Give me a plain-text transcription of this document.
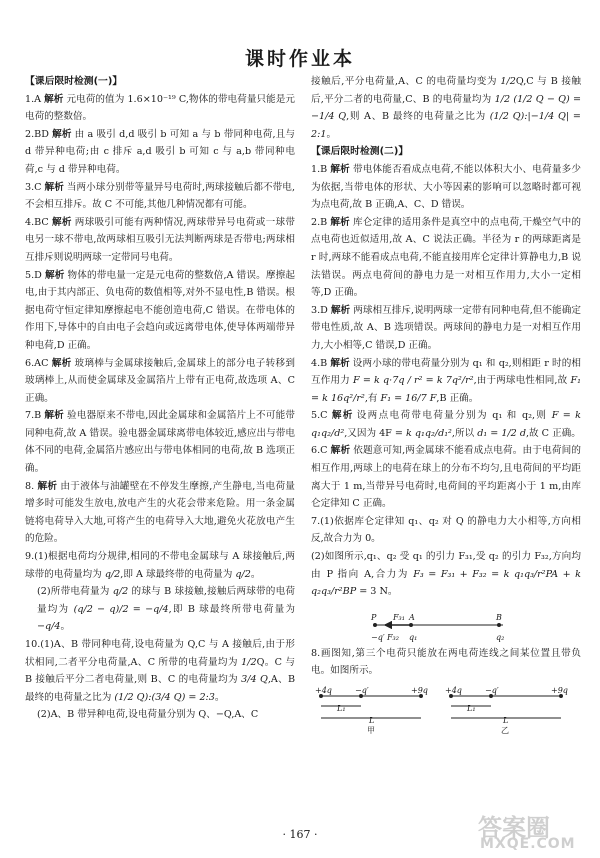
课时作业本
【课后限时检测(一)】

1.A 解析 元电荷的值为 1.6×10⁻¹⁹ C,物体的带电荷量只能是元电荷的整数倍。

2.BD 解析 由 a 吸引 d,d 吸引 b 可知 a 与 b 带同种电荷,且与 d 带异种电荷;由 c 排斥 a,d 吸引 b 可知 c 与 a,b 带同种电荷,c 与 d 带异种电荷。

3.C 解析 当两小球分别带等量异号电荷时,两球接触后都不带电,不会相互排斥。故 C 不可能,其他几种情况都有可能。

4.BC 解析 两球吸引可能有两种情况,两球带异号电荷或一球带电另一球不带电,故两球相互吸引无法判断两球是否带电;两球相互排斥则说明两球一定带同号电荷。

5.D 解析 物体的带电量一定是元电荷的整数倍,A 错误。摩擦起电,由于其内部正、负电荷的数值相等,对外不显电性,B 错误。根据电荷守恒定律知摩擦起电不能创造电荷,C 错误。在带电体的作用下,导体中的自由电子会趋向或远离带电体,使导体两端带异种电荷,D 正确。

6.AC 解析 玻璃棒与金属球接触后,金属球上的部分电子转移到玻璃棒上,从而使金属球及金属箔片上带有正电荷,故选项 A、C 正确。

7.B 解析 验电器原来不带电,因此金属球和金属箔片上不可能带同种电荷,故 A 错误。验电器金属球离带电体较近,感应出与带电体不同的电荷,金属箔片感应出与带电体相同的电荷,故 B 选项正确。

8. 解析 由于液体与油罐壁在不停发生摩擦,产生静电,当电荷量增多时可能发生放电,放电产生的火花会带来危险。用一条金属链将电荷导入大地,可将产生的电荷导入大地,避免火花放电产生的危险。

9.(1)根据电荷均分规律,相同的不带电金属球与 A 球接触后,两球带的电荷量均为 q/2,即 A 球最终带的电荷量为 q/2。

(2)所带电荷量为 q/2 的球与 B 球接触,接触后两球带的电荷量均为 (q/2 − q)/2 = −q/4,即 B 球最终所带电荷量为 −q/4。

10.(1)A、B 带同种电荷,设电荷量为 Q,C 与 A 接触后,由于形状相同,二者平分电荷量,A、C 所带的电荷量均为 1/2Q。C 与 B 接触后平分二者电荷量,则 B、C 的电荷量均为 3/4 Q,A、B 最终的电荷量之比为 (1/2 Q):(3/4 Q) = 2:3。

(2)A、B 带异种电荷,设电荷量分别为 Q、−Q,A、C

接触后,平分电荷量,A、C 的电荷量均变为 1/2Q,C 与 B 接触后,平分二者的电荷量,C、B 的电荷量均为 1/2 (1/2 Q − Q) = −1/4 Q,则 A、B 最终的电荷量之比为 (1/2 Q):|−1/4 Q| = 2:1。

【课后限时检测(二)】

1.B 解析 带电体能否看成点电荷,不能以体积大小、电荷量多少为依据,当带电体的形状、大小等因素的影响可以忽略时都可视为点电荷,故 B 正确,A、C、D 错误。

2.B 解析 库仑定律的适用条件是真空中的点电荷,干燥空气中的点电荷也近似适用,故 A、C 说法正确。半径为 r 的两球距离是 r 时,两球不能看成点电荷,不能直接用库仑定律计算静电力,B 说法错误。两点电荷间的静电力是一对相互作用力,大小一定相等,D 正确。

3.D 解析 两球相互排斥,说明两球一定带有同种电荷,但不能确定带电性质,故 A、B 选项错误。两球间的静电力是一对相互作用力,大小相等,C 错误,D 正确。

4.B 解析 设两小球的带电荷量分别为 q₁ 和 q₂,则相距 r 时的相互作用力 F = k q·7q / r² = k 7q²/r²,由于两球电性相同,故 F₁ = k 16q²/r²,有 F₁ = 16/7 F,B 正确。

5.C 解析 设两点电荷带电荷量分别为 q₁ 和 q₂,则 F = k q₁q₂/d²,又因为 4F = k q₁q₂/d₁²,所以 d₁ = 1/2 d,故 C 正确。

6.C 解析 依题意可知,两金属球不能看成点电荷。由于电荷间的相互作用,两球上的电荷在球上的分布不均匀,且电荷间的平均距离大于 1 m,当带异号电荷时,电荷间的平均距离小于 1 m,由库仑定律知 C 正确。

7.(1)依据库仑定律知 q₁、q₂ 对 Q 的静电力大小相等,方向相反,故合力为 0。

(2)如图所示,q₁、q₂ 受 q₁ 的引力 F₃₁,受 q₂ 的引力 F₃₂,方向均由 P 指向 A,合力为 F₃ = F₃₁ + F₃₂ = k q₁q₃/r²PA + k q₂q₃/r²BP = 3 N。

P F₃₁ A	B
−q′ F₃₂ q₁	q₂

8.画图知,第三个电荷只能放在两电荷连线之间某位置且带负电。如图所示。

+4q	−q′	+9q +4q	−q′	+9q
L₁	L₁
L	L
甲	乙
· 167 ·	答案圈
MXQE.COM
